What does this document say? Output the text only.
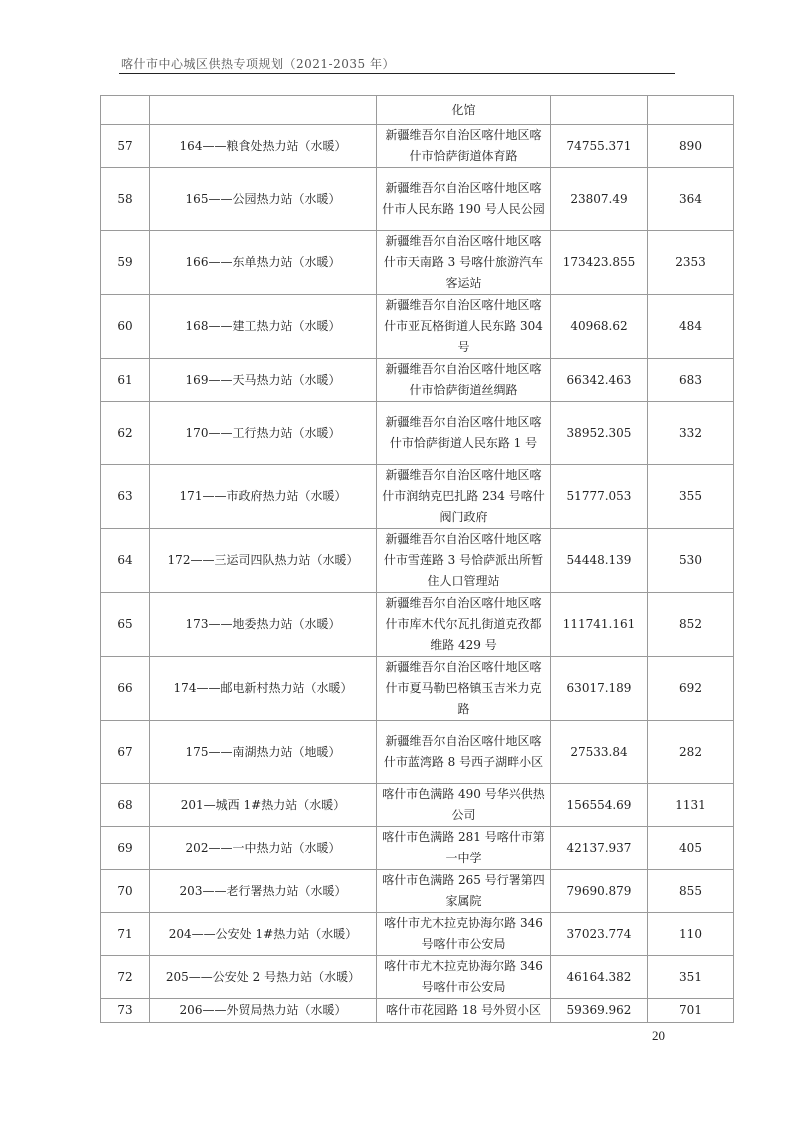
喀什市中心城区供热专项规划（2021-2035 年）
		化馆		
57	164——粮食处热力站（水暖）	新疆维吾尔自治区喀什地区喀什市恰萨街道体育路	74755.371	890
58	165——公园热力站（水暖）	新疆维吾尔自治区喀什地区喀什市人民东路 190 号人民公园	23807.49	364
59	166——东单热力站（水暖）	新疆维吾尔自治区喀什地区喀什市天南路 3 号喀什旅游汽车客运站	173423.855	2353
60	168——建工热力站（水暖）	新疆维吾尔自治区喀什地区喀什市亚瓦格街道人民东路 304 号	40968.62	484
61	169——天马热力站（水暖）	新疆维吾尔自治区喀什地区喀什市恰萨街道丝绸路	66342.463	683
62	170——工行热力站（水暖）	新疆维吾尔自治区喀什地区喀什市恰萨街道人民东路 1 号	38952.305	332
63	171——市政府热力站（水暖）	新疆维吾尔自治区喀什地区喀什市润纳克巴扎路 234 号喀什阀门政府	51777.053	355
64	172——三运司四队热力站（水暖）	新疆维吾尔自治区喀什地区喀什市雪莲路 3 号恰萨派出所暂住人口管理站	54448.139	530
65	173——地委热力站（水暖）	新疆维吾尔自治区喀什地区喀什市库木代尔瓦扎街道克孜都维路 429 号	111741.161	852
66	174——邮电新村热力站（水暖）	新疆维吾尔自治区喀什地区喀什市夏马勒巴格镇玉吉米力克路	63017.189	692
67	175——南湖热力站（地暖）	新疆维吾尔自治区喀什地区喀什市蓝湾路 8 号西子湖畔小区	27533.84	282
68	201—城西 1#热力站（水暖）	喀什市色满路 490 号华兴供热公司	156554.69	1131
69	202——一中热力站（水暖）	喀什市色满路 281 号喀什市第一中学	42137.937	405
70	203——老行署热力站（水暖）	喀什市色满路 265 号行署第四家属院	79690.879	855
71	204——公安处 1#热力站（水暖）	喀什市尤木拉克协海尔路 346 号喀什市公安局	37023.774	110
72	205——公安处 2 号热力站（水暖）	喀什市尤木拉克协海尔路 346 号喀什市公安局	46164.382	351
73	206——外贸局热力站（水暖）	喀什市花园路 18 号外贸小区	59369.962	701
20
